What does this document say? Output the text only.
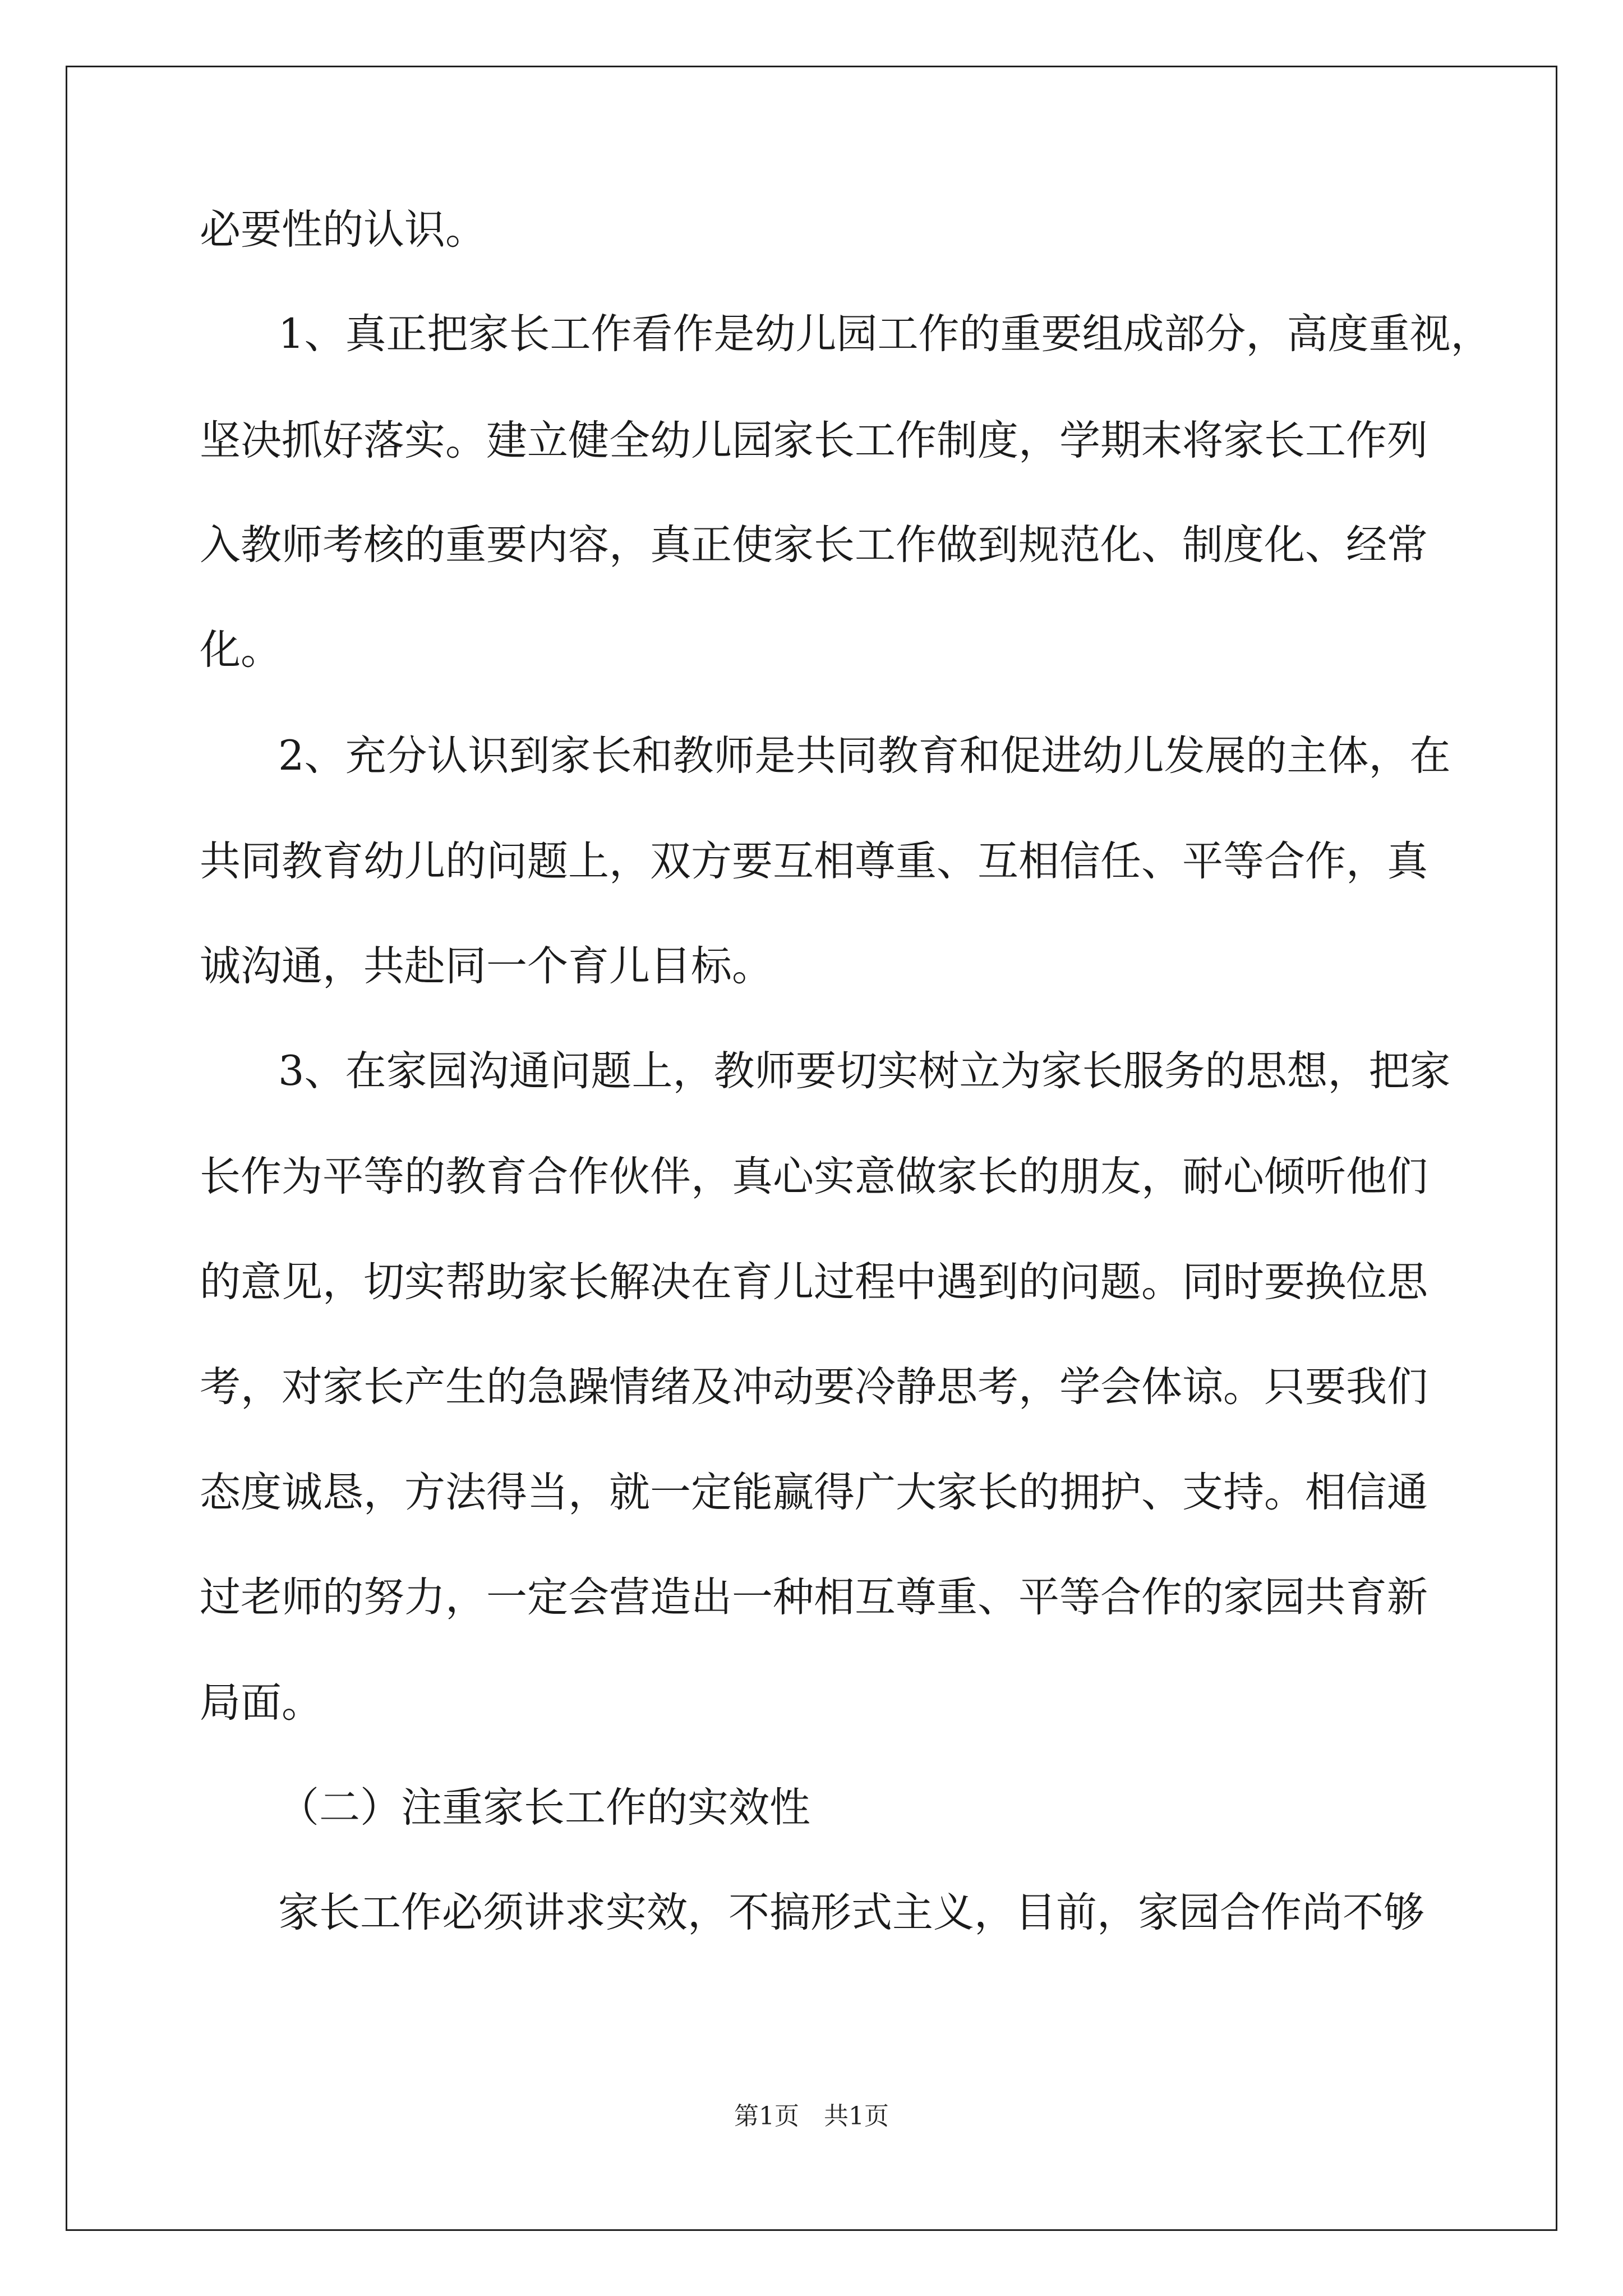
必要性的认识。
1、真正把家长工作看作是幼儿园工作的重要组成部分，高度重视，
坚决抓好落实。建立健全幼儿园家长工作制度，学期末将家长工作列
入教师考核的重要内容，真正使家长工作做到规范化、制度化、经常
化。
2、充分认识到家长和教师是共同教育和促进幼儿发展的主体，在
共同教育幼儿的问题上，双方要互相尊重、互相信任、平等合作，真
诚沟通，共赴同一个育儿目标。
3、在家园沟通问题上，教师要切实树立为家长服务的思想，把家
长作为平等的教育合作伙伴，真心实意做家长的朋友，耐心倾听他们
的意见，切实帮助家长解决在育儿过程中遇到的问题。同时要换位思
考，对家长产生的急躁情绪及冲动要冷静思考，学会体谅。只要我们
态度诚恳，方法得当，就一定能赢得广大家长的拥护、支持。相信通
过老师的努力，一定会营造出一种相互尊重、平等合作的家园共育新
局面。
（二）注重家长工作的实效性
家长工作必须讲求实效，不搞形式主义，目前，家园合作尚不够
第1页　共1页
